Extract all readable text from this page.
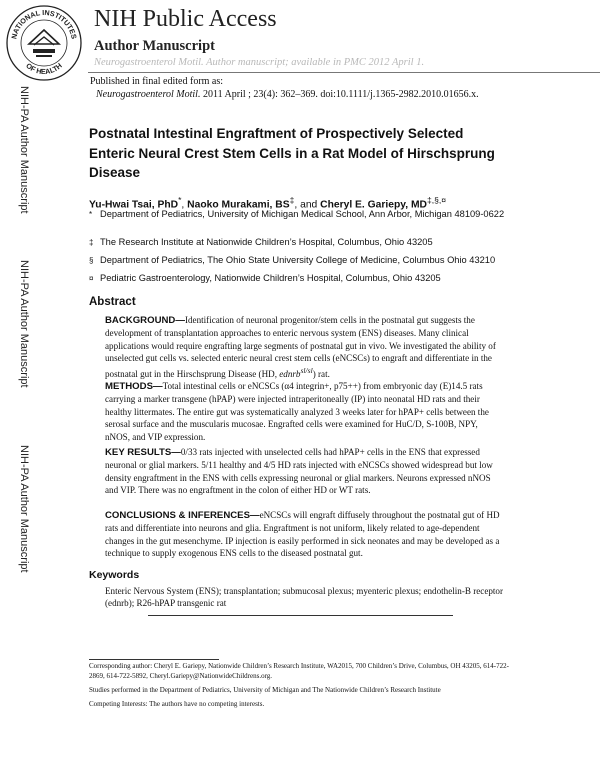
NATIONAL INSTITUTES
OF HEALTH
NIH Public Access
Author Manuscript
Neurogastroenterol Motil. Author manuscript; available in PMC 2012 April 1.
Published in final edited form as:
Neurogastroenterol Motil. 2011 April ; 23(4): 362–369. doi:10.1111/j.1365-2982.2010.01656.x.
NIH-PA Author Manuscript
NIH-PA Author Manuscript
NIH-PA Author Manuscript
Postnatal Intestinal Engraftment of Prospectively Selected Enteric Neural Crest Stem Cells in a Rat Model of Hirschsprung Disease
Yu-Hwai Tsai, PhD*, Naoko Murakami, BS‡, and Cheryl E. Gariepy, MD‡,§,¤
* Department of Pediatrics, University of Michigan Medical School, Ann Arbor, Michigan 48109-0622
‡ The Research Institute at Nationwide Children’s Hospital, Columbus, Ohio 43205
§ Department of Pediatrics, The Ohio State University College of Medicine, Columbus Ohio 43210
¤ Pediatric Gastroenterology, Nationwide Children’s Hospital, Columbus, Ohio 43205
Abstract
BACKGROUND—Identification of neuronal progenitor/stem cells in the postnatal gut suggests the development of transplantation approaches to enteric nervous system (ENS) diseases. Many clinical applications would require engrafting large segments of postnatal gut in vivo. We investigated the ability of unselected gut cells vs. selected enteric neural crest stem cells (eNCSCs) to engraft and differentiate in the postnatal gut in the Hirschsprung Disease (HD, ednrb$^{sl/sl}$) rat.
METHODS—Total intestinal cells or eNCSCs (α4 integrin+, p75++) from embryonic day (E)14.5 rats carrying a marker transgene (hPAP) were injected intraperitoneally (IP) into neonatal HD rats and their healthy littermates. The entire gut was systematically analyzed 3 weeks later for hPAP+ cells between the serosal surface and the muscularis mucosae. Engrafted cells were examined for HuC/D, S-100B, NPY, nNOS, and VIP expression.
KEY RESULTS—0/33 rats injected with unselected cells had hPAP+ cells in the ENS that expressed neuronal or glial markers. 5/11 healthy and 4/5 HD rats injected with eNCSCs showed widespread but low density engraftment in the ENS with cells expressing neuronal or glial markers. Neurons expressed nNOS and VIP. There was no engraftment in the colon of either HD or WT rats.
CONCLUSIONS & INFERENCES—eNCSCs will engraft diffusely throughout the postnatal gut of HD rats and differentiate into neurons and glia. Engraftment is not uniform, likely related to age-dependent changes in the gut mesenchyme. IP injection is easily performed in sick neonates and may be developed as a technique to supply exogenous ENS cells to the diseased postnatal gut.
Keywords
Enteric Nervous System (ENS); transplantation; submucosal plexus; myenteric plexus; endothelin-B receptor (ednrb); R26-hPAP transgenic rat
Corresponding author: Cheryl E. Gariepy, Nationwide Children’s Research Institute, WA2015, 700 Children’s Drive, Columbus, OH 43205, 614-722-2869, 614-722-5892, Cheryl.Gariepy@NationwideChildrens.org.
Studies performed in the Department of Pediatrics, University of Michigan and The Nationwide Children’s Research Institute
Competing Interests: The authors have no competing interests.
